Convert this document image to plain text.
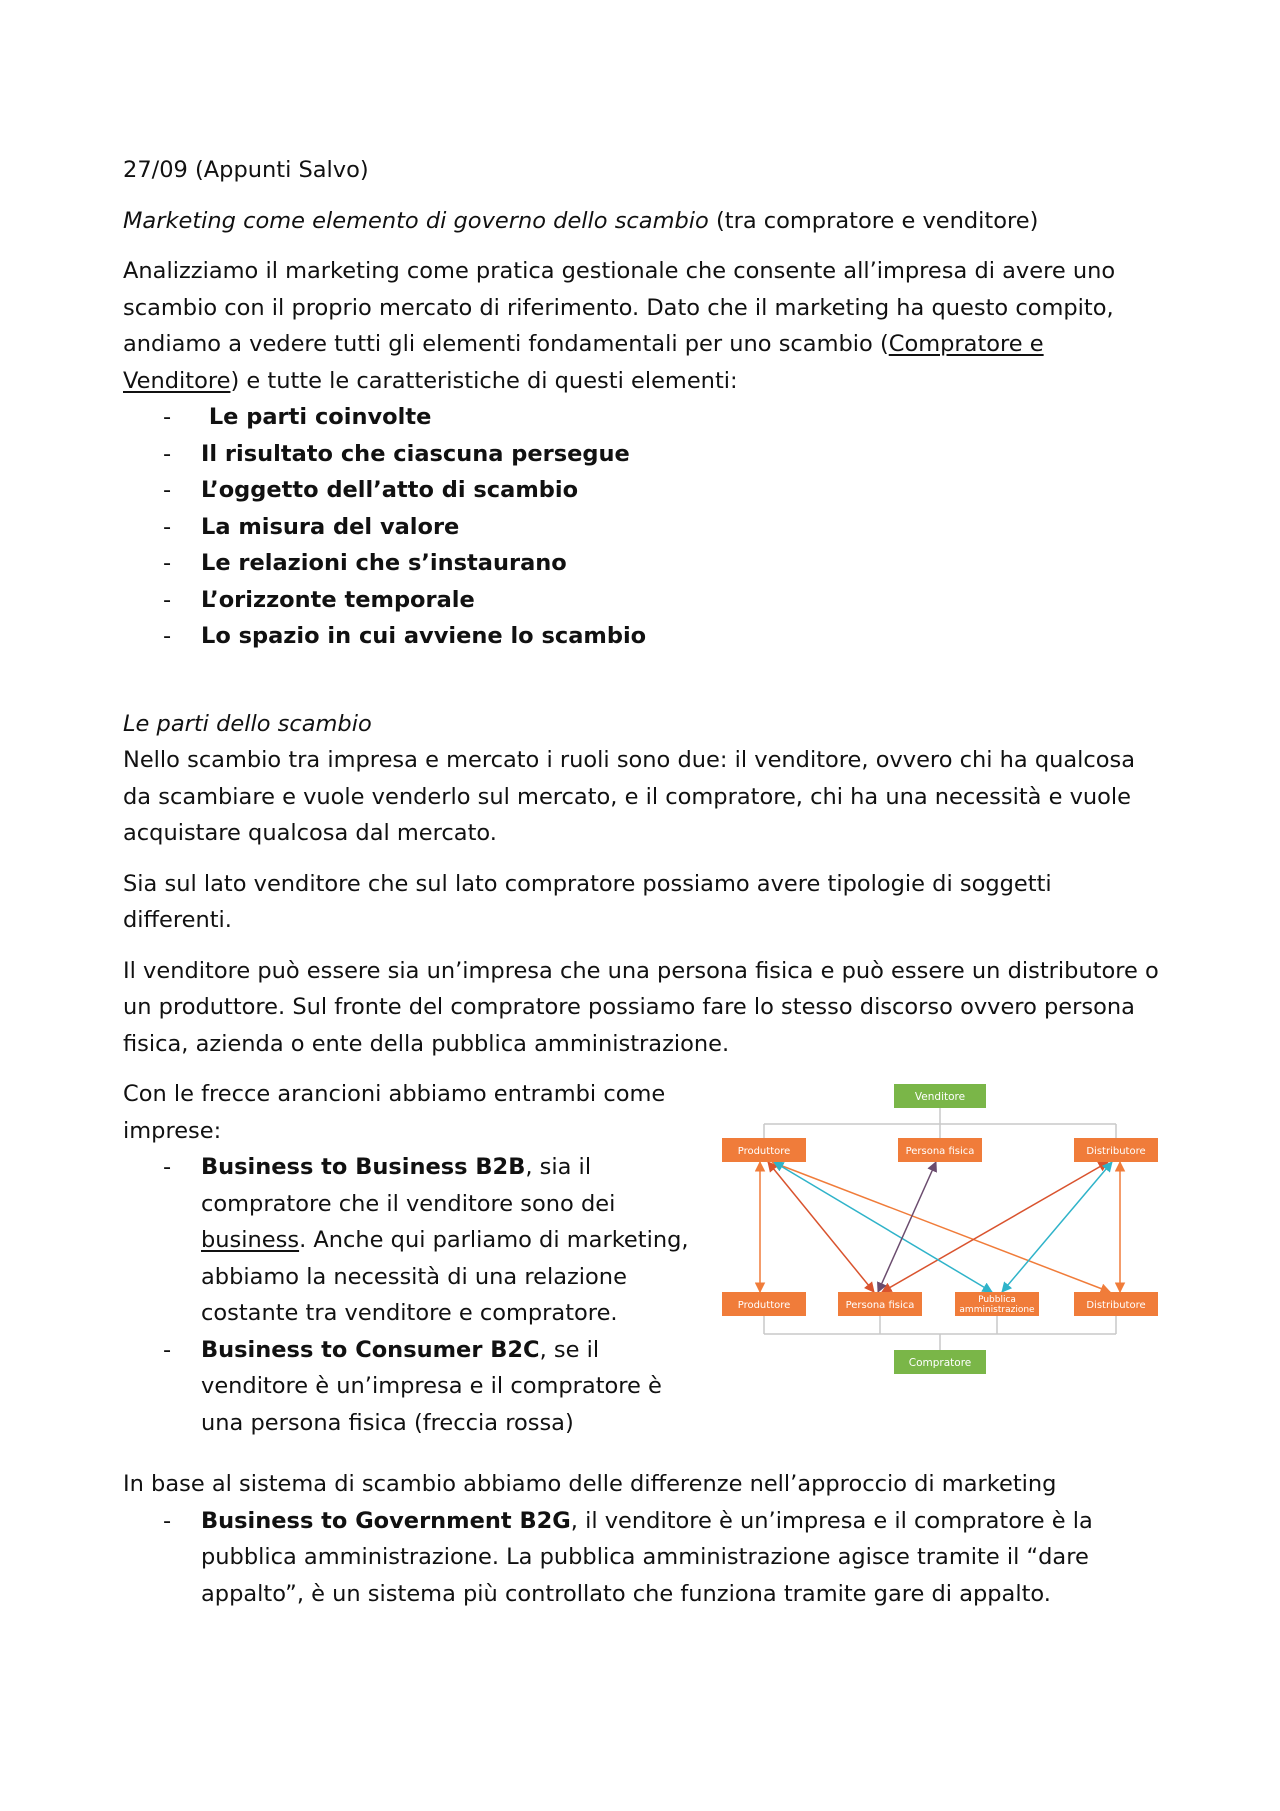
27/09 (Appunti Salvo)

Marketing come elemento di governo dello scambio (tra compratore e venditore)

Analizziamo il marketing come pratica gestionale che consente all’impresa di avere uno scambio con il proprio mercato di riferimento. Dato che il marketing ha questo compito, andiamo a vedere tutti gli elementi fondamentali per uno scambio (Compratore e Venditore) e tutte le caratteristiche di questi elementi:

-  Le parti coinvolte
- Il risultato che ciascuna persegue
- L’oggetto dell’atto di scambio
- La misura del valore
- Le relazioni che s’instaurano
- L’orizzonte temporale
- Lo spazio in cui avviene lo scambio

Le parti dello scambio

Nello scambio tra impresa e mercato i ruoli sono due: il venditore, ovvero chi ha qualcosa da scambiare e vuole venderlo sul mercato, e il compratore, chi ha una necessità e vuole acquistare qualcosa dal mercato.

Sia sul lato venditore che sul lato compratore possiamo avere tipologie di soggetti differenti.

Il venditore può essere sia un’impresa che una persona fisica e può essere un distributore o un produttore. Sul fronte del compratore possiamo fare lo stesso discorso ovvero persona fisica, azienda o ente della pubblica amministrazione.

Con le frecce arancioni abbiamo entrambi come imprese:

- Business to Business B2B, sia il compratore che il venditore sono dei business. Anche qui parliamo di marketing, abbiamo la necessità di una relazione costante tra venditore e compratore.
- Business to Consumer B2C, se il venditore è un’impresa e il compratore è una persona fisica (freccia rossa)
Venditore
Produttore	Persona fisica	Distributore
Produttore	Persona fisica	Pubblica
amministrazione	Distributore
Compratore

In base al sistema di scambio abbiamo delle differenze nell’approccio di marketing

- Business to Government B2G, il venditore è un’impresa e il compratore è la pubblica amministrazione. La pubblica amministrazione agisce tramite il “dare appalto”, è un sistema più controllato che funziona tramite gare di appalto.
